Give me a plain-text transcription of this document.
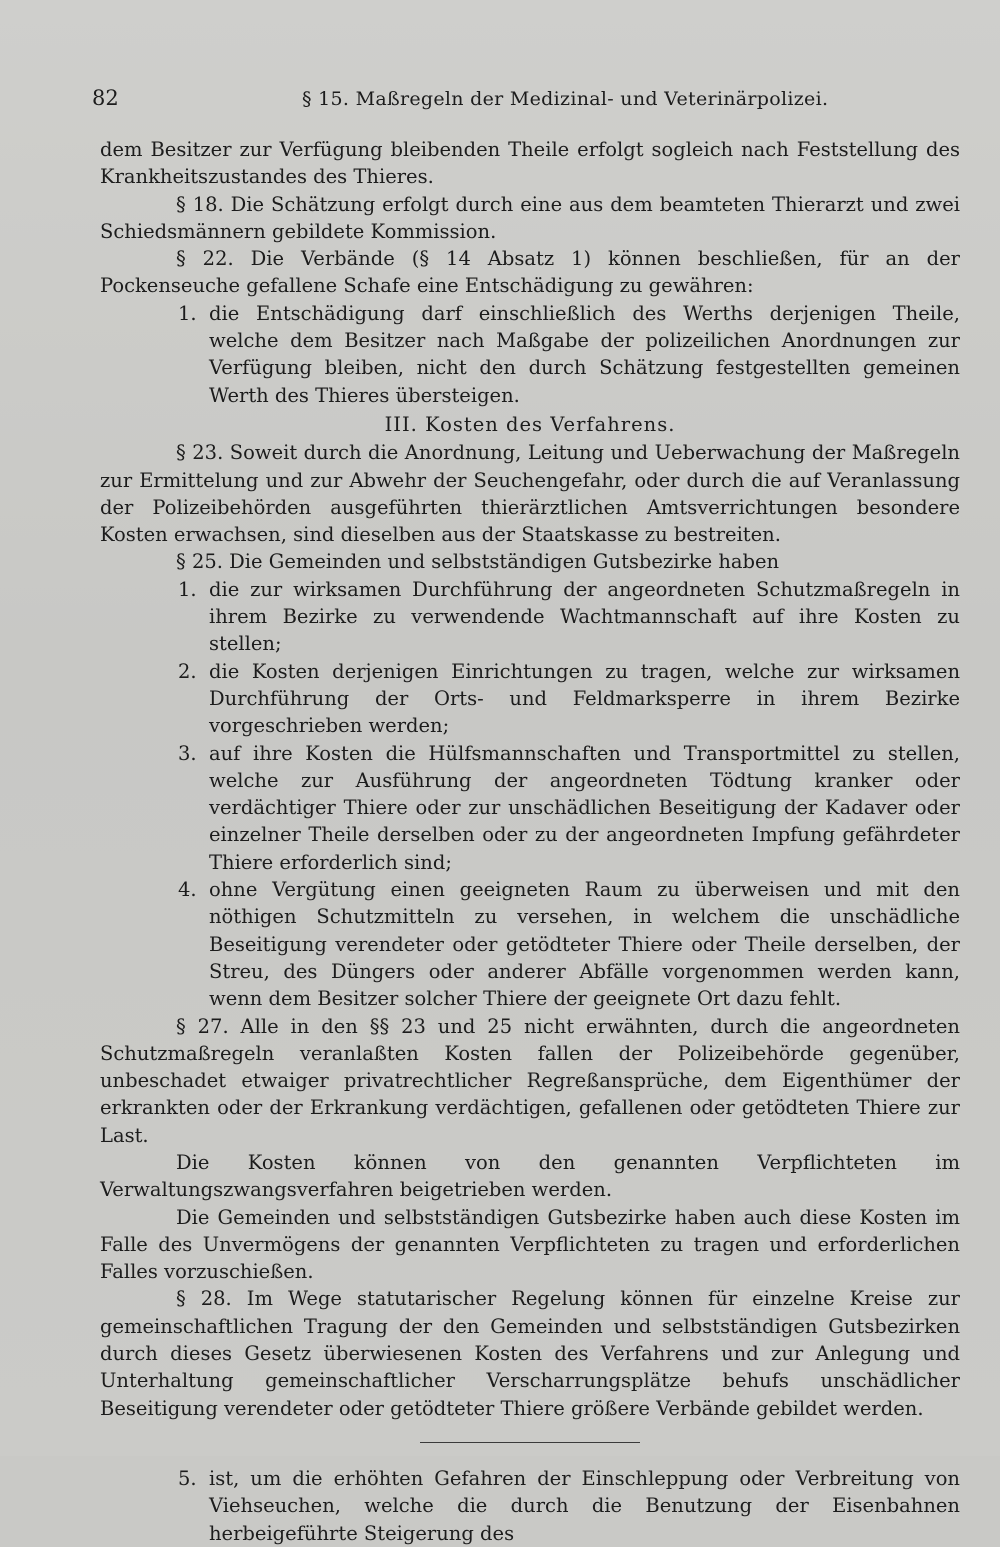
82	§ 15. Maßregeln der Medizinal- und Veterinärpolizei.

dem Besitzer zur Verfügung bleibenden Theile erfolgt sogleich nach Feststellung des Krankheitszustandes des Thieres.

§ 18. Die Schätzung erfolgt durch eine aus dem beamteten Thierarzt und zwei Schiedsmännern gebildete Kommission.

§ 22. Die Verbände (§ 14 Absatz 1) können beschließen, für an der Pockenseuche gefallene Schafe eine Entschädigung zu gewähren:

1. die Entschädigung darf einschließlich des Werths derjenigen Theile, welche dem Besitzer nach Maßgabe der polizeilichen Anordnungen zur Verfügung bleiben, nicht den durch Schätzung festgestellten gemeinen Werth des Thieres übersteigen.

III. Kosten des Verfahrens.

§ 23. Soweit durch die Anordnung, Leitung und Ueberwachung der Maßregeln zur Ermittelung und zur Abwehr der Seuchengefahr, oder durch die auf Veranlassung der Polizeibehörden ausgeführten thierärztlichen Amtsverrichtungen besondere Kosten erwachsen, sind dieselben aus der Staatskasse zu bestreiten.

§ 25. Die Gemeinden und selbstständigen Gutsbezirke haben

1. die zur wirksamen Durchführung der angeordneten Schutzmaßregeln in ihrem Bezirke zu verwendende Wachtmannschaft auf ihre Kosten zu stellen;

2. die Kosten derjenigen Einrichtungen zu tragen, welche zur wirksamen Durchführung der Orts- und Feldmarksperre in ihrem Bezirke vorgeschrieben werden;

3. auf ihre Kosten die Hülfsmannschaften und Transportmittel zu stellen, welche zur Ausführung der angeordneten Tödtung kranker oder verdächtiger Thiere oder zur unschädlichen Beseitigung der Kadaver oder einzelner Theile derselben oder zu der angeordneten Impfung gefährdeter Thiere erforderlich sind;

4. ohne Vergütung einen geeigneten Raum zu überweisen und mit den nöthigen Schutzmitteln zu versehen, in welchem die unschädliche Beseitigung verendeter oder getödteter Thiere oder Theile derselben, der Streu, des Düngers oder anderer Abfälle vorgenommen werden kann, wenn dem Besitzer solcher Thiere der geeignete Ort dazu fehlt.

§ 27. Alle in den §§ 23 und 25 nicht erwähnten, durch die angeordneten Schutzmaßregeln veranlaßten Kosten fallen der Polizeibehörde gegenüber, unbeschadet etwaiger privatrechtlicher Regreßansprüche, dem Eigenthümer der erkrankten oder der Erkrankung verdächtigen, gefallenen oder getödteten Thiere zur Last.

Die Kosten können von den genannten Verpflichteten im Verwaltungszwangsverfahren beigetrieben werden.

Die Gemeinden und selbstständigen Gutsbezirke haben auch diese Kosten im Falle des Unvermögens der genannten Verpflichteten zu tragen und erforderlichen Falles vorzuschießen.

§ 28. Im Wege statutarischer Regelung können für einzelne Kreise zur gemeinschaftlichen Tragung der den Gemeinden und selbstständigen Gutsbezirken durch dieses Gesetz überwiesenen Kosten des Verfahrens und zur Anlegung und Unterhaltung gemeinschaftlicher Verscharrungsplätze behufs unschädlicher Beseitigung verendeter oder getödteter Thiere größere Verbände gebildet werden.

5. ist, um die erhöhten Gefahren der Einschleppung oder Verbreitung von Viehseuchen, welche die durch die Benutzung der Eisenbahnen herbeigeführte Steigerung des
